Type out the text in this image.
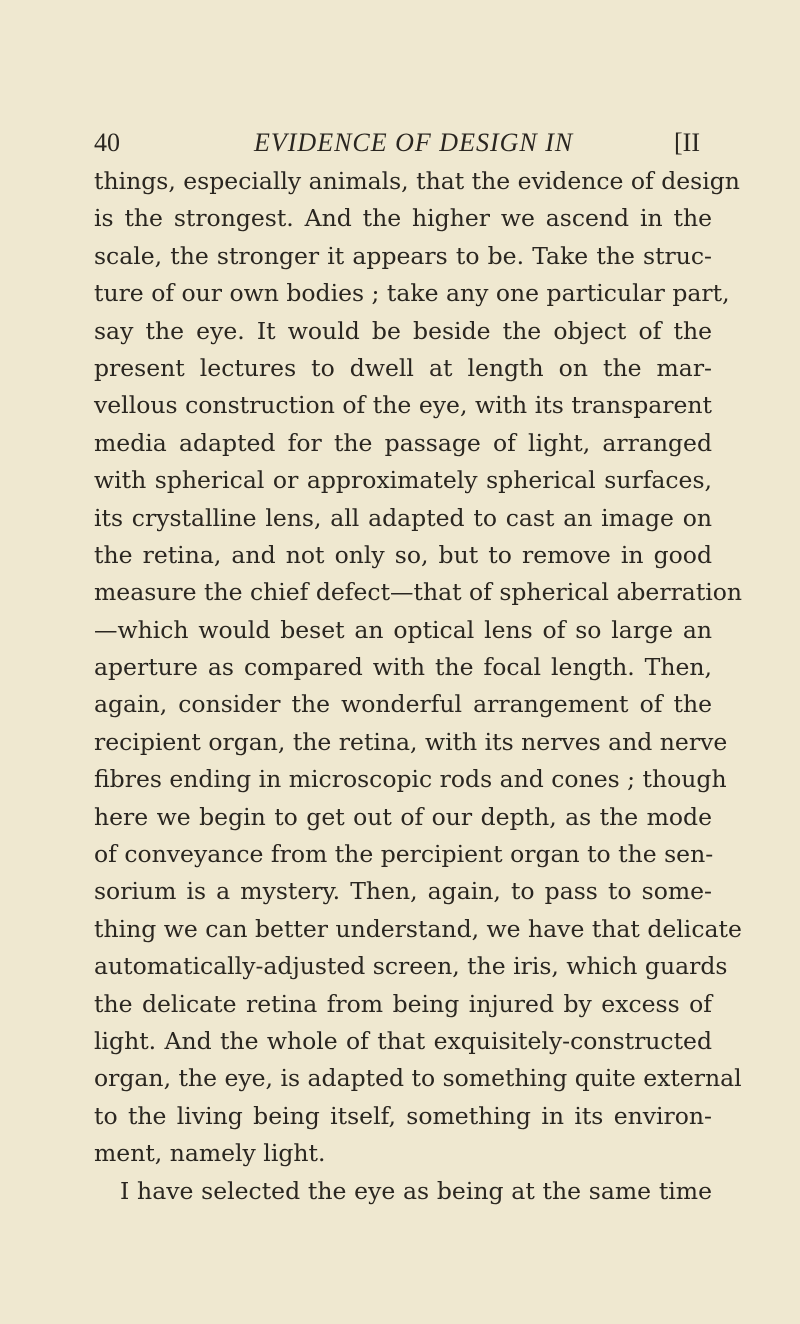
40	EVIDENCE OF DESIGN IN	[II
things, especially animals, that the evidence of design
is the strongest. And the higher we ascend in the
scale, the stronger it appears to be. Take the struc-
ture of our own bodies ; take any one particular part,
say the eye. It would be beside the object of the
present lectures to dwell at length on the mar-
vellous construction of the eye, with its transparent
media adapted for the passage of light, arranged
with spherical or approximately spherical surfaces,
its crystalline lens, all adapted to cast an image on
the retina, and not only so, but to remove in good
measure the chief defect—that of spherical aberration
—which would beset an optical lens of so large an
aperture as compared with the focal length. Then,
again, consider the wonderful arrangement of the
recipient organ, the retina, with its nerves and nerve
fibres ending in microscopic rods and cones ; though
here we begin to get out of our depth, as the mode
of conveyance from the percipient organ to the sen-
sorium is a mystery. Then, again, to pass to some-
thing we can better understand, we have that delicate
automatically-adjusted screen, the iris, which guards
the delicate retina from being injured by excess of
light. And the whole of that exquisitely-constructed
organ, the eye, is adapted to something quite external
to the living being itself, something in its environ-
ment, namely light.
I have selected the eye as being at the same time
